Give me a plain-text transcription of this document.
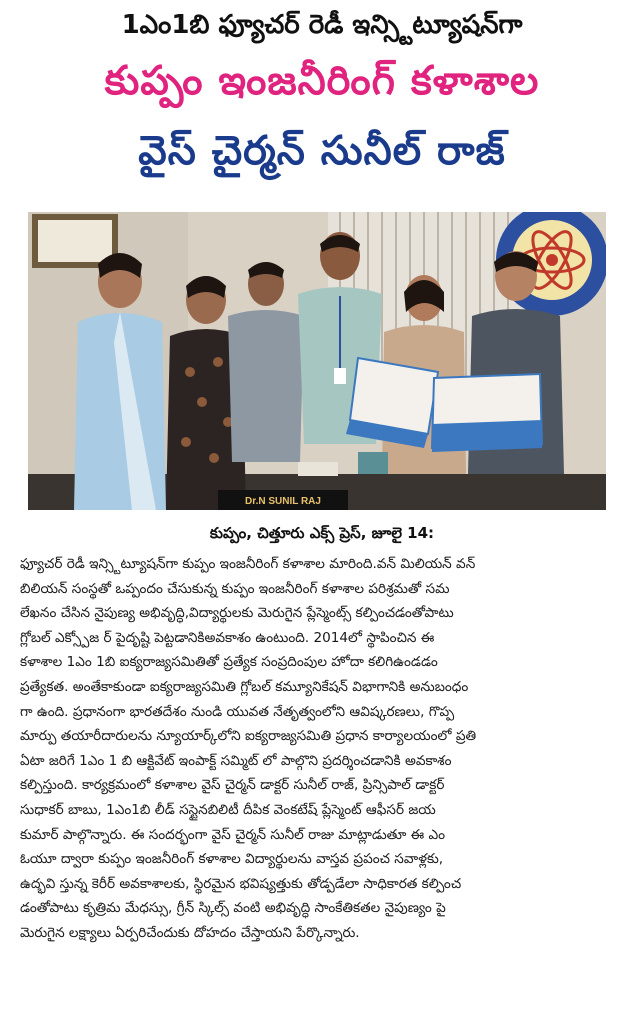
1ఎం1బి ఫ్యూచర్ రెడీ ఇన్స్టిట్యూషన్‌గా
కుప్పం ఇంజనీరింగ్ కళాశాల
వైస్ చైర్మన్ సునీల్ రాజ్
Dr.N SUNIL RAJ
కుప్పం, చిత్తూరు ఎక్స్ ప్రెస్, జూలై 14:
ఫ్యూచర్ రెడీ ఇన్స్టిట్యూషన్‌గా కుప్పం ఇంజనీరింగ్ కళాశాల మారింది.వన్ మిలియన్ వన్
బిలియన్ సంస్థతో ఒప్పందం చేసుకున్న కుప్పం ఇంజనీరింగ్ కళాశాల పరిశ్రమతో సమ
లేఖనం చేసిన నైపుణ్య అభివృద్ధి,విద్యార్థులకు మెరుగైన ప్లేస్మెంట్స్ కల్పించడంతోపాటు
గ్లోబల్ ఎక్స్పోజ ర్ పైదృష్టి పెట్టడానికిఅవకాశం ఉంటుంది. 2014లో స్థాపించిన ఈ
కళాశాల 1ఎం 1బి ఐక్యరాజ్యసమితితో ప్రత్యేక సంప్రదింపుల హోదా కలిగిఉండడం
ప్రత్యేకత. అంతేకాకుండా ఐక్యరాజ్యసమితి గ్లోబల్ కమ్యూనికేషన్ విభాగానికి అనుబంధం
గా ఉంది. ప్రధానంగా భారతదేశం నుండి యువత నేతృత్వంలోని ఆవిష్కరణలు, గొప్ప
మార్పు తయారీదారులను న్యూయార్క్‌లోని ఐక్యరాజ్యసమితి ప్రధాన కార్యాలయంలో ప్రతి
ఏటా జరిగే 1ఎం 1 బి ఆక్టివేట్ ఇంపాక్ట్ సమ్మిట్ లో పాల్గొని ప్రదర్శించడానికి అవకాశం
కల్పిస్తుంది. కార్యక్రమంలో కళాశాల వైస్ చైర్మన్ డాక్టర్ సునీల్ రాజ్, ప్రిన్సిపాల్ డాక్టర్
సుధాకర్ బాబు, 1ఎం1బి లీడ్ సస్టైనబిలిటీ దీపిక వెంకటేష్ ప్లేస్మెంట్ ఆఫీసర్ జయ
కుమార్ పాల్గొన్నారు. ఈ సందర్భంగా వైస్ చైర్మన్ సునీల్ రాజు మాట్లాడుతూ ఈ ఎం
ఓయూ ద్వారా కుప్పం ఇంజనీరింగ్ కళాశాల విద్యార్థులను వాస్తవ ప్రపంచ సవాళ్లకు,
ఉద్భవి స్తున్న కెరీర్ అవకాశాలకు, స్థిరమైన భవిష్యత్తుకు తోడ్పడేలా సాధికారత కల్పించ
డంతోపాటు కృత్రిమ మేధస్సు, గ్రీన్ స్కిల్స్ వంటి అభివృద్ధి సాంకేతికతల నైపుణ్యం పై
మెరుగైన లక్ష్యాలు ఏర్పరిచేందుకు దోహదం చేస్తాయని పేర్కొన్నారు.
